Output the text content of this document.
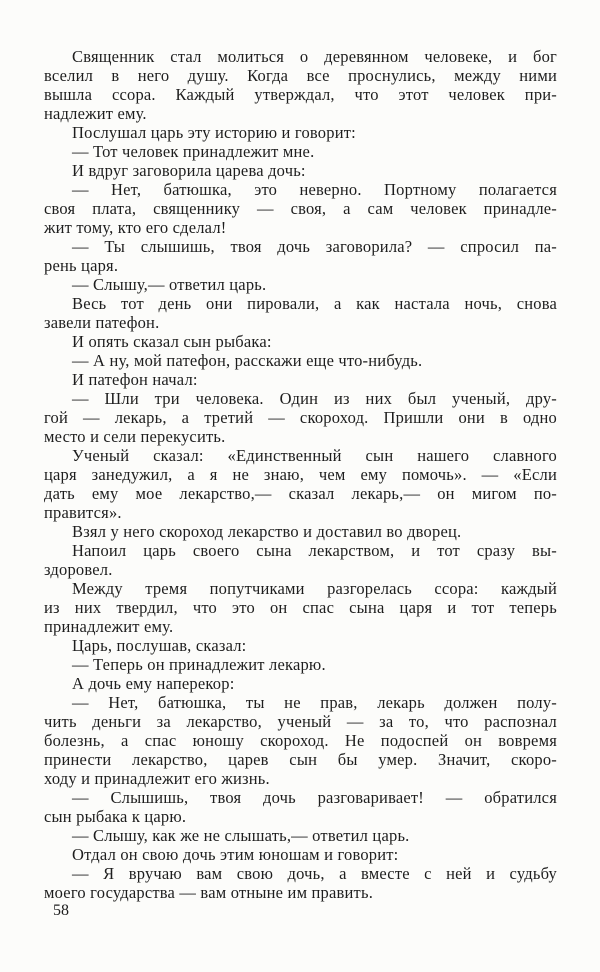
Священник стал молиться о деревянном человеке, и бог
вселил в него душу. Когда все проснулись, между ними
вышла ссора. Каждый утверждал, что этот человек при-
надлежит ему.
Послушал царь эту историю и говорит:
— Тот человек принадлежит мне.
И вдруг заговорила царева дочь:
— Нет, батюшка, это неверно. Портному полагается
своя плата, священнику — своя, а сам человек принадле-
жит тому, кто его сделал!
— Ты слышишь, твоя дочь заговорила? — спросил па-
рень царя.
— Слышу,— ответил царь.
Весь тот день они пировали, а как настала ночь, снова
завели патефон.
И опять сказал сын рыбака:
— А ну, мой патефон, расскажи еще что-нибудь.
И патефон начал:
— Шли три человека. Один из них был ученый, дру-
гой — лекарь, а третий — скороход. Пришли они в одно
место и сели перекусить.
Ученый сказал: «Единственный сын нашего славного
царя занедужил, а я не знаю, чем ему помочь». — «Если
дать ему мое лекарство,— сказал лекарь,— он мигом по-
правится».
Взял у него скороход лекарство и доставил во дворец.
Напоил царь своего сына лекарством, и тот сразу вы-
здоровел.
Между тремя попутчиками разгорелась ссора: каждый
из них твердил, что это он спас сына царя и тот теперь
принадлежит ему.
Царь, послушав, сказал:
— Теперь он принадлежит лекарю.
А дочь ему наперекор:
— Нет, батюшка, ты не прав, лекарь должен полу-
чить деньги за лекарство, ученый — за то, что распознал
болезнь, а спас юношу скороход. Не подоспей он вовремя
принести лекарство, царев сын бы умер. Значит, скоро-
ходу и принадлежит его жизнь.
— Слышишь, твоя дочь разговаривает! — обратился
сын рыбака к царю.
— Слышу, как же не слышать,— ответил царь.
Отдал он свою дочь этим юношам и говорит:
— Я вручаю вам свою дочь, а вместе с ней и судьбу
моего государства — вам отныне им править.
58
